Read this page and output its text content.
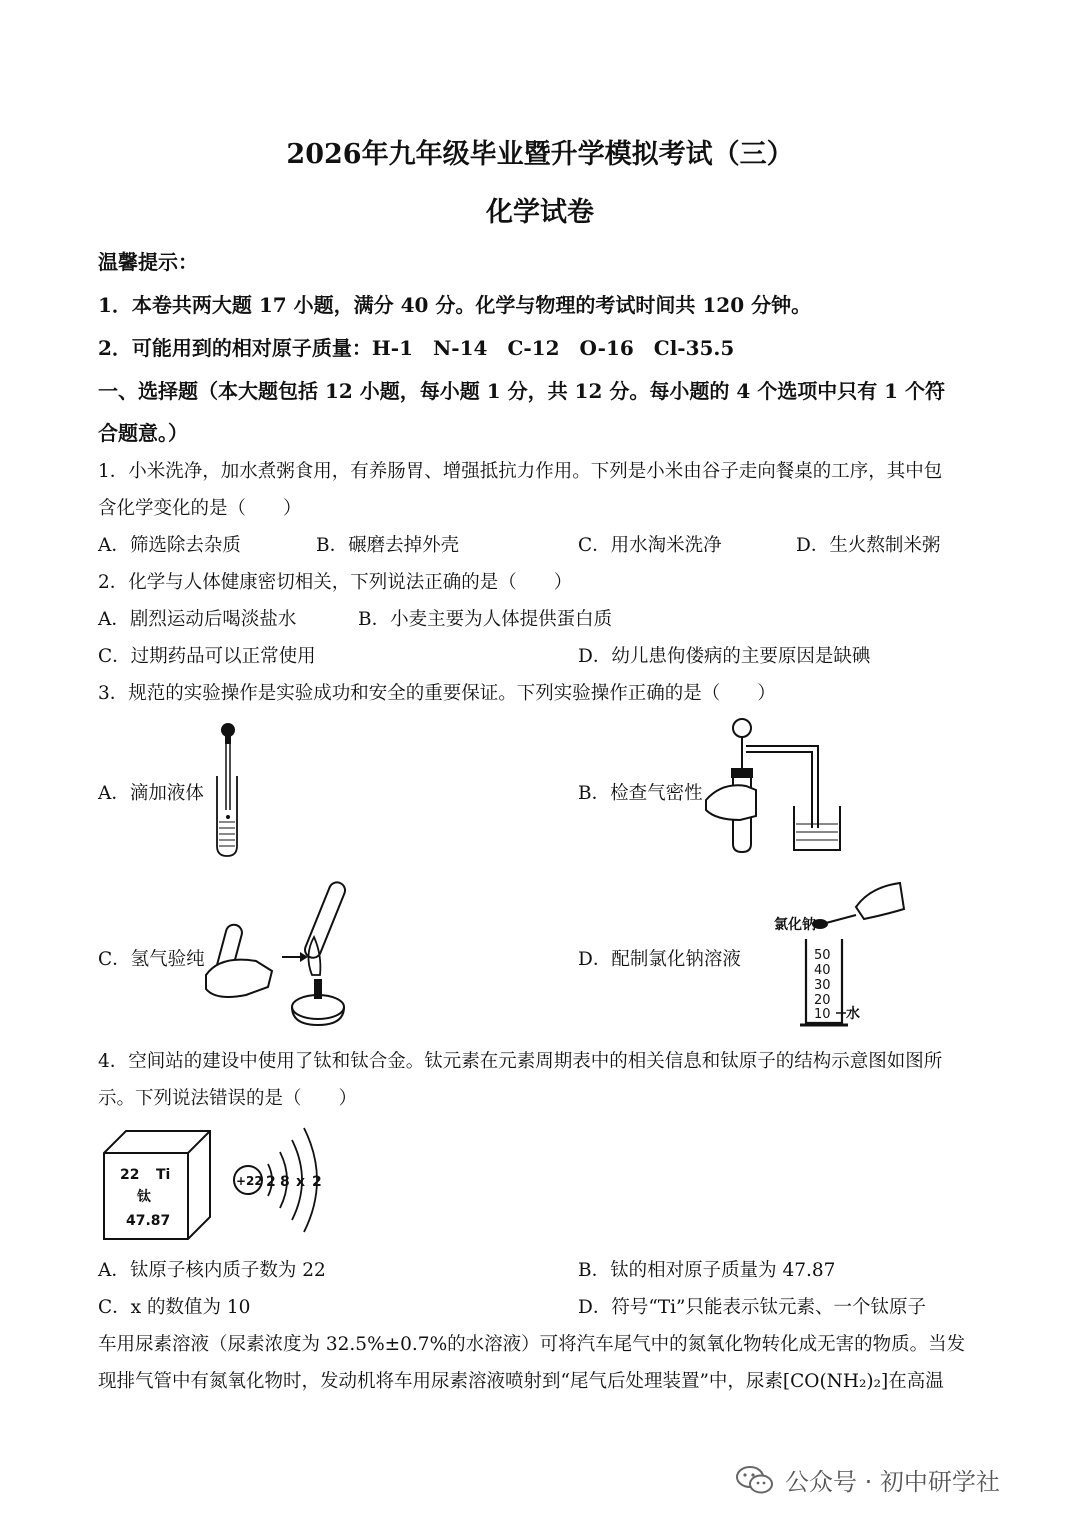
2026年九年级毕业暨升学模拟考试（三）
化学试卷
温馨提示：
1．本卷共两大题 17 小题，满分 40 分。化学与物理的考试时间共 120 分钟。
2．可能用到的相对原子质量：H-1　N-14　C-12　O-16　Cl-35.5
一、选择题（本大题包括 12 小题，每小题 1 分，共 12 分。每小题的 4 个选项中只有 1 个符
合题意。）
1．小米洗净，加水煮粥食用，有养肠胃、增强抵抗力作用。下列是小米由谷子走向餐桌的工序，其中包
含化学变化的是（　　）
A．筛选除去杂质	B．碾磨去掉外壳	C．用水淘米洗净	D．生火熬制米粥
2．化学与人体健康密切相关，下列说法正确的是（　　）
A．剧烈运动后喝淡盐水	B．小麦主要为人体提供蛋白质
C．过期药品可以正常使用	D．幼儿患佝偻病的主要原因是缺碘
3．规范的实验操作是实验成功和安全的重要保证。下列实验操作正确的是（　　）
A．滴加液体	B．检查气密性
C．氢气验纯	D．配制氯化钠溶液
氯化钠
50
40
30
20
10 水
4．空间站的建设中使用了钛和钛合金。钛元素在元素周期表中的相关信息和钛原子的结构示意图如图所
示。下列说法错误的是（　　）
22 Ti
钛
47.87
+22 2 8 x 2
A．钛原子核内质子数为 22	B．钛的相对原子质量为 47.87
C．x 的数值为 10	D．符号“Ti”只能表示钛元素、一个钛原子
车用尿素溶液（尿素浓度为 32.5%±0.7%的水溶液）可将汽车尾气中的氮氧化物转化成无害的物质。当发
现排气管中有氮氧化物时，发动机将车用尿素溶液喷射到“尾气后处理装置”中，尿素[CO(NH₂)₂]在高温
公众号 · 初中研学社
